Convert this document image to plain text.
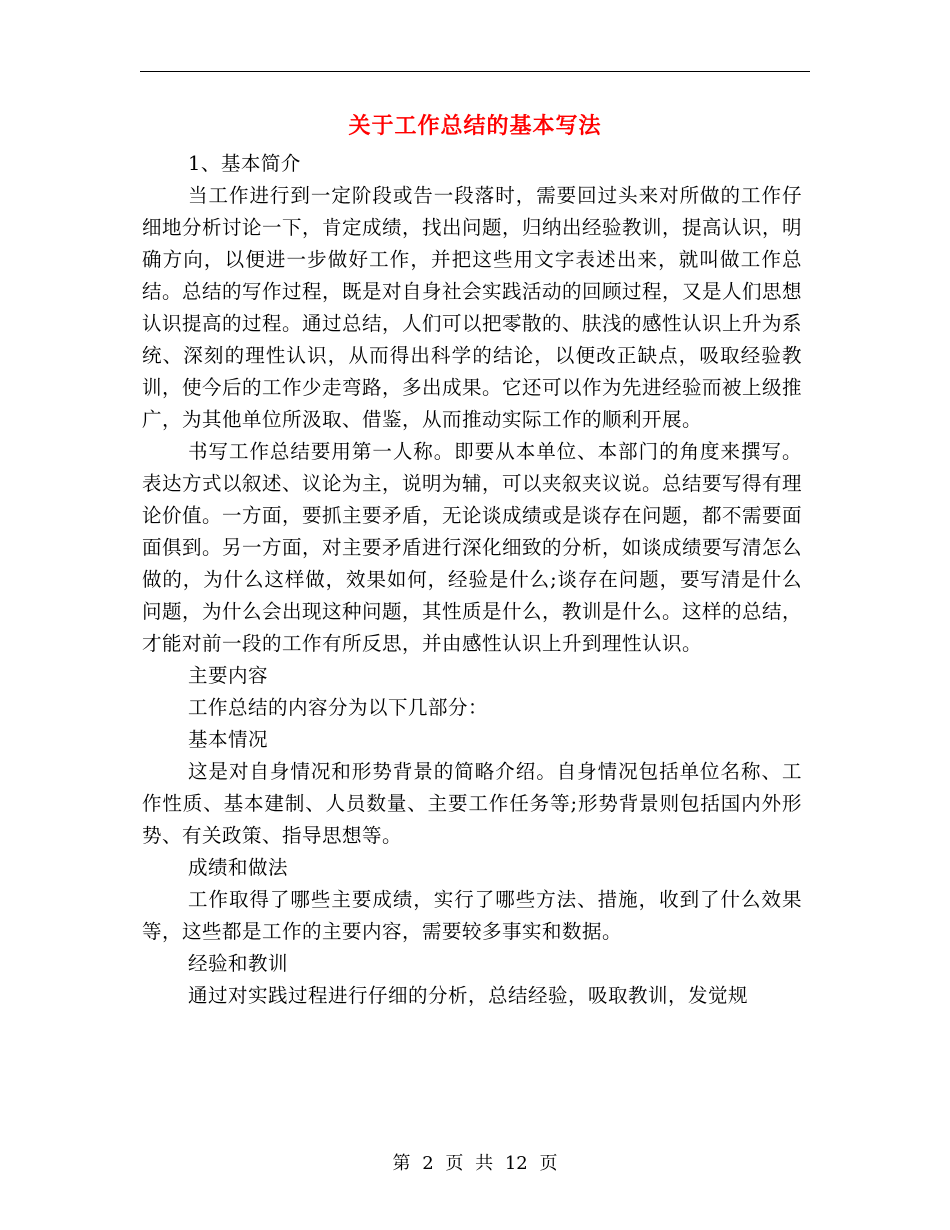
关于工作总结的基本写法

1、基本简介

当工作进行到一定阶段或告一段落时，需要回过头来对所做的工作仔细地分析讨论一下，肯定成绩，找出问题，归纳出经验教训，提高认识，明确方向，以便进一步做好工作，并把这些用文字表述出来，就叫做工作总结。总结的写作过程，既是对自身社会实践活动的回顾过程，又是人们思想认识提高的过程。通过总结，人们可以把零散的、肤浅的感性认识上升为系统、深刻的理性认识，从而得出科学的结论，以便改正缺点，吸取经验教训，使今后的工作少走弯路，多出成果。它还可以作为先进经验而被上级推广，为其他单位所汲取、借鉴，从而推动实际工作的顺利开展。

书写工作总结要用第一人称。即要从本单位、本部门的角度来撰写。表达方式以叙述、议论为主，说明为辅，可以夹叙夹议说。总结要写得有理论价值。一方面，要抓主要矛盾，无论谈成绩或是谈存在问题，都不需要面面俱到。另一方面，对主要矛盾进行深化细致的分析，如谈成绩要写清怎么做的，为什么这样做，效果如何，经验是什么;谈存在问题，要写清是什么问题，为什么会出现这种问题，其性质是什么，教训是什么。这样的总结，才能对前一段的工作有所反思，并由感性认识上升到理性认识。

主要内容

工作总结的内容分为以下几部分：

基本情况

这是对自身情况和形势背景的简略介绍。自身情况包括单位名称、工作性质、基本建制、人员数量、主要工作任务等;形势背景则包括国内外形势、有关政策、指导思想等。

成绩和做法

工作取得了哪些主要成绩，实行了哪些方法、措施，收到了什么效果等，这些都是工作的主要内容，需要较多事实和数据。

经验和教训

通过对实践过程进行仔细的分析，总结经验，吸取教训，发觉规

第 2 页 共 12 页
